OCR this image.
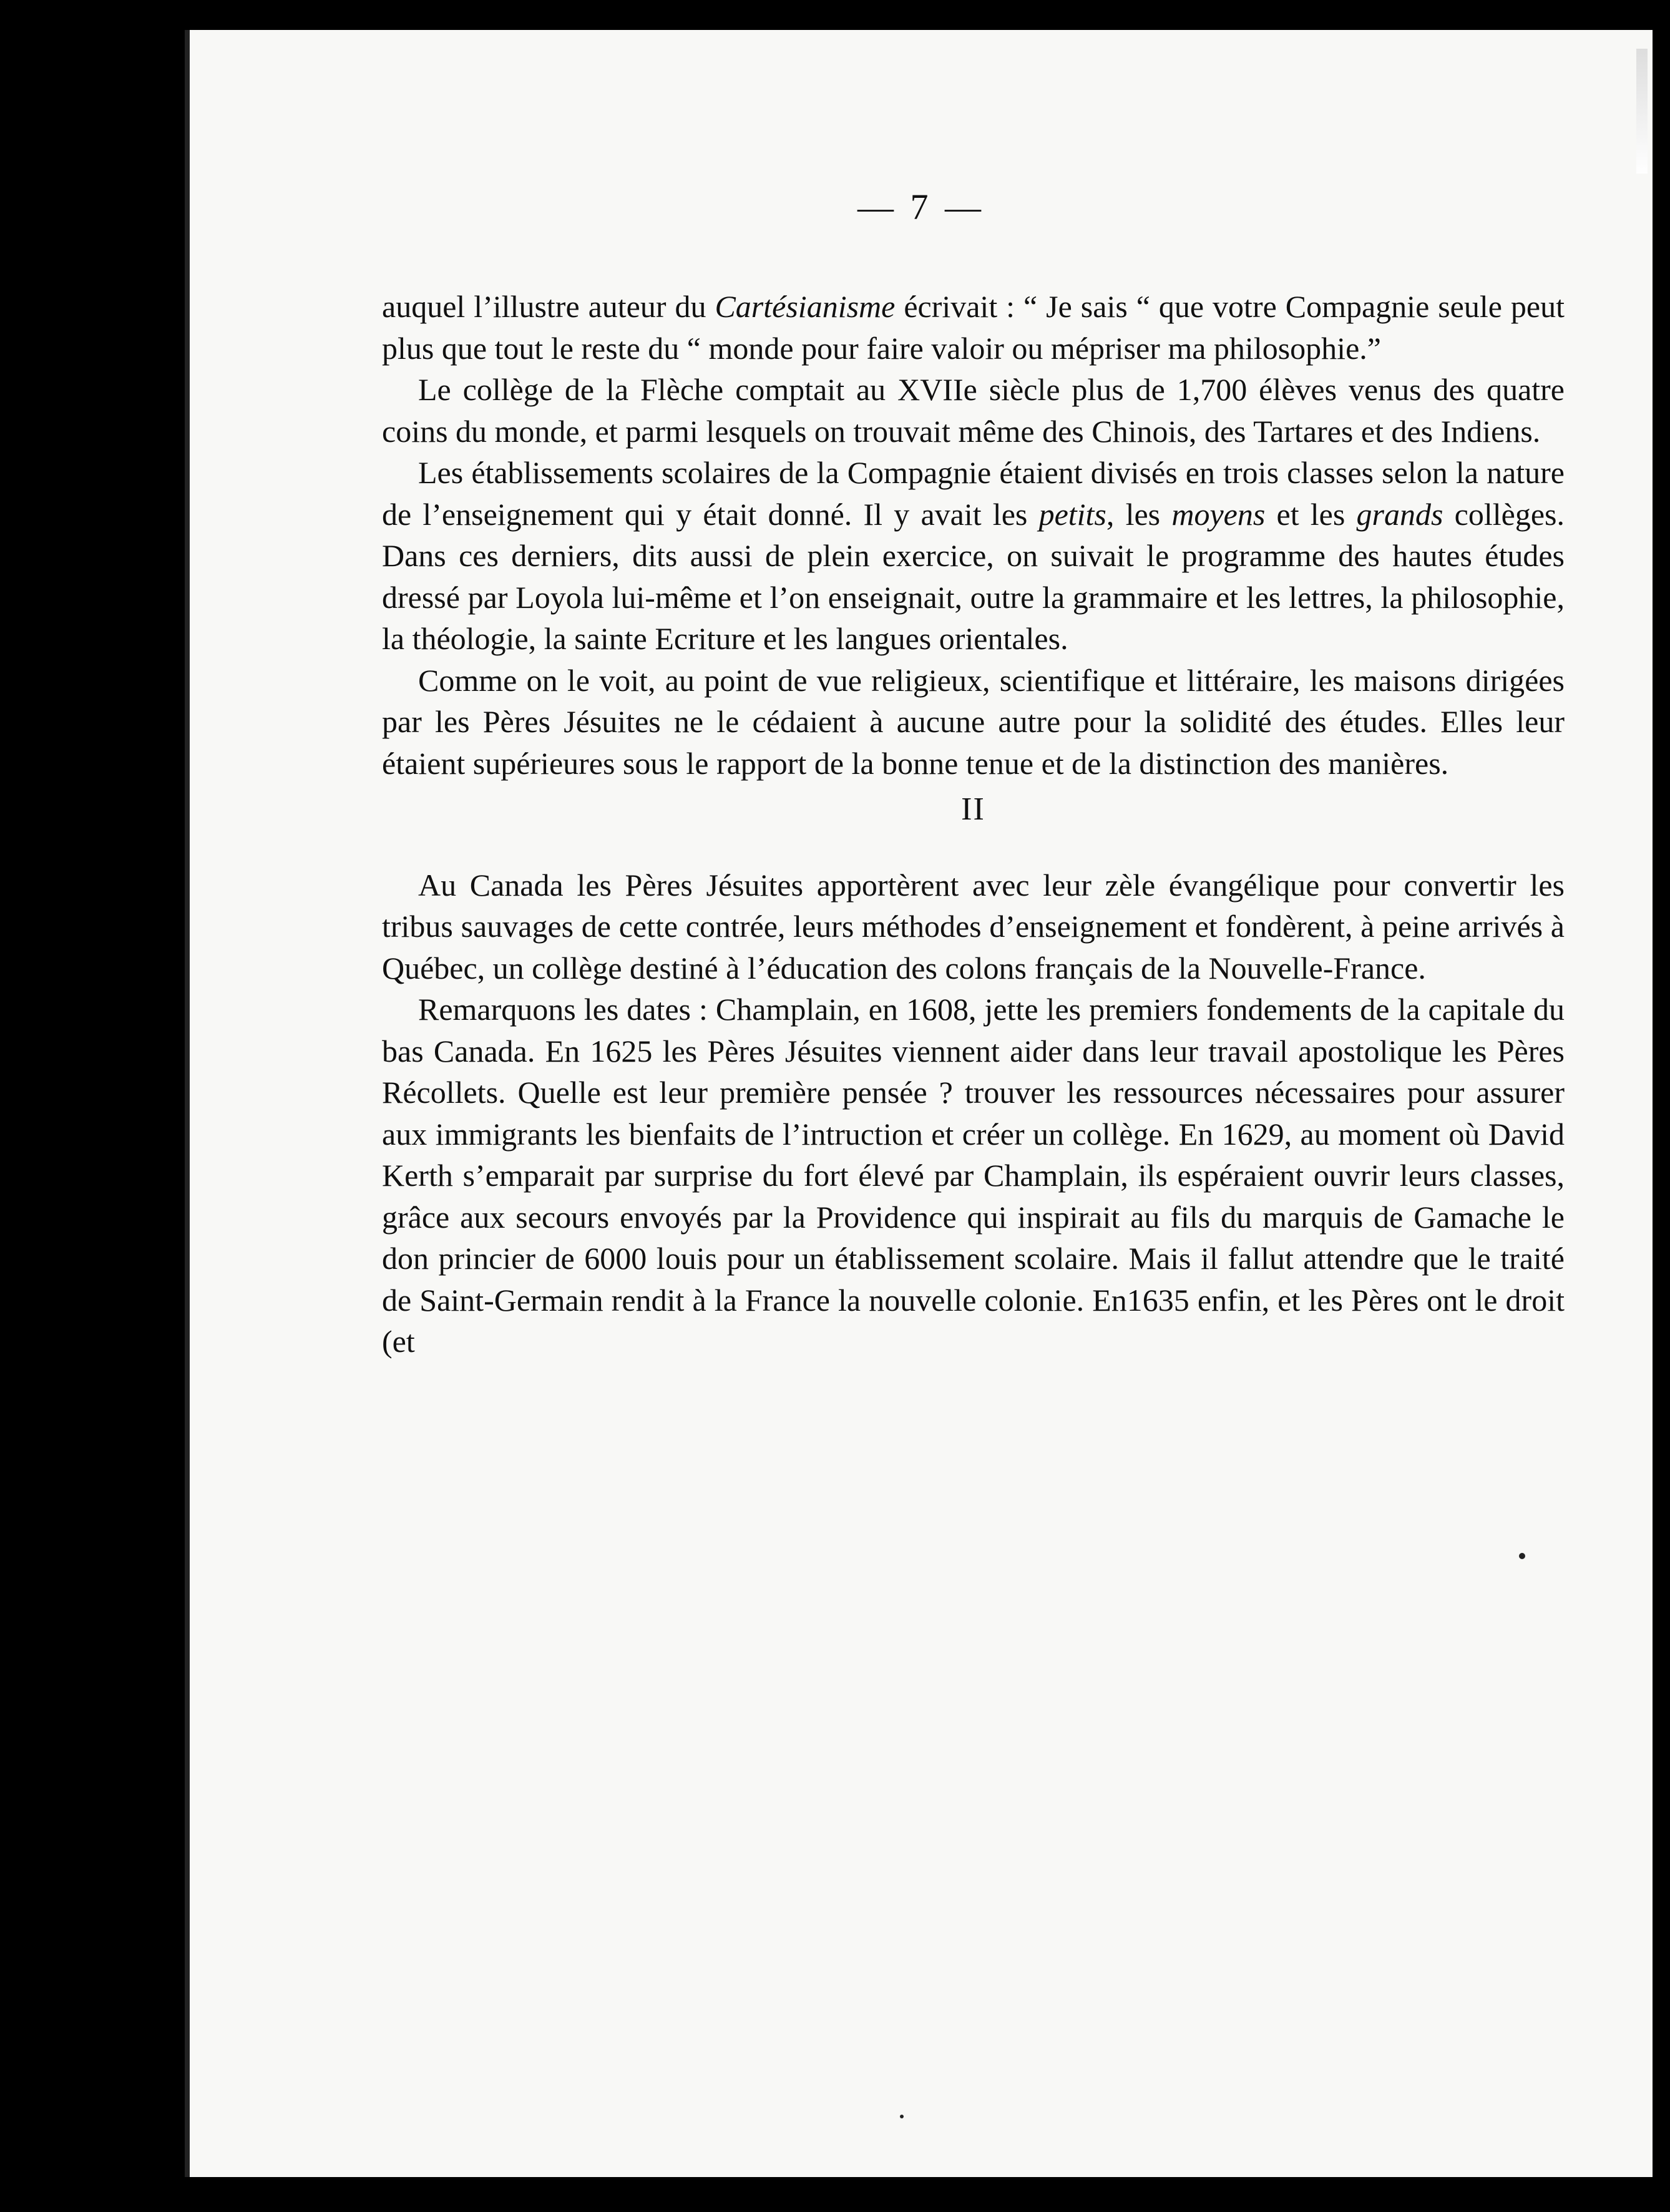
— 7 —

auquel l’illustre auteur du Cartésianisme écrivait : “ Je sais “ que votre Compagnie seule peut plus que tout le reste du “ monde pour faire valoir ou mépriser ma philosophie.”

Le collège de la Flèche comptait au XVIIe siècle plus de 1,700 élèves venus des quatre coins du monde, et parmi lesquels on trouvait même des Chinois, des Tartares et des Indiens.

Les établissements scolaires de la Compagnie étaient divisés en trois classes selon la nature de l’enseignement qui y était donné. Il y avait les petits, les moyens et les grands collèges. Dans ces derniers, dits aussi de plein exercice, on suivait le programme des hautes études dressé par Loyola lui-même et l’on enseignait, outre la grammaire et les lettres, la philosophie, la théologie, la sainte Ecriture et les langues orientales.

Comme on le voit, au point de vue religieux, scientifique et littéraire, les maisons dirigées par les Pères Jésuites ne le cédaient à aucune autre pour la solidité des études. Elles leur étaient supérieures sous le rapport de la bonne tenue et de la distinction des manières.

II

Au Canada les Pères Jésuites apportèrent avec leur zèle évangélique pour convertir les tribus sauvages de cette contrée, leurs méthodes d’enseignement et fondèrent, à peine arrivés à Québec, un collège destiné à l’éducation des colons français de la Nouvelle-France.

Remarquons les dates : Champlain, en 1608, jette les premiers fondements de la capitale du bas Canada. En 1625 les Pères Jésuites viennent aider dans leur travail apostolique les Pères Récollets. Quelle est leur première pensée ? trouver les ressources nécessaires pour assurer aux immigrants les bienfaits de l’intruction et créer un collège. En 1629, au moment où David Kerth s’emparait par surprise du fort élevé par Champlain, ils espéraient ouvrir leurs classes, grâce aux secours envoyés par la Providence qui inspirait au fils du marquis de Gamache le don princier de 6000 louis pour un établissement scolaire. Mais il fallut attendre que le traité de Saint-Germain rendit à la France la nouvelle colonie. En1635 enfin, et les Pères ont le droit (et
